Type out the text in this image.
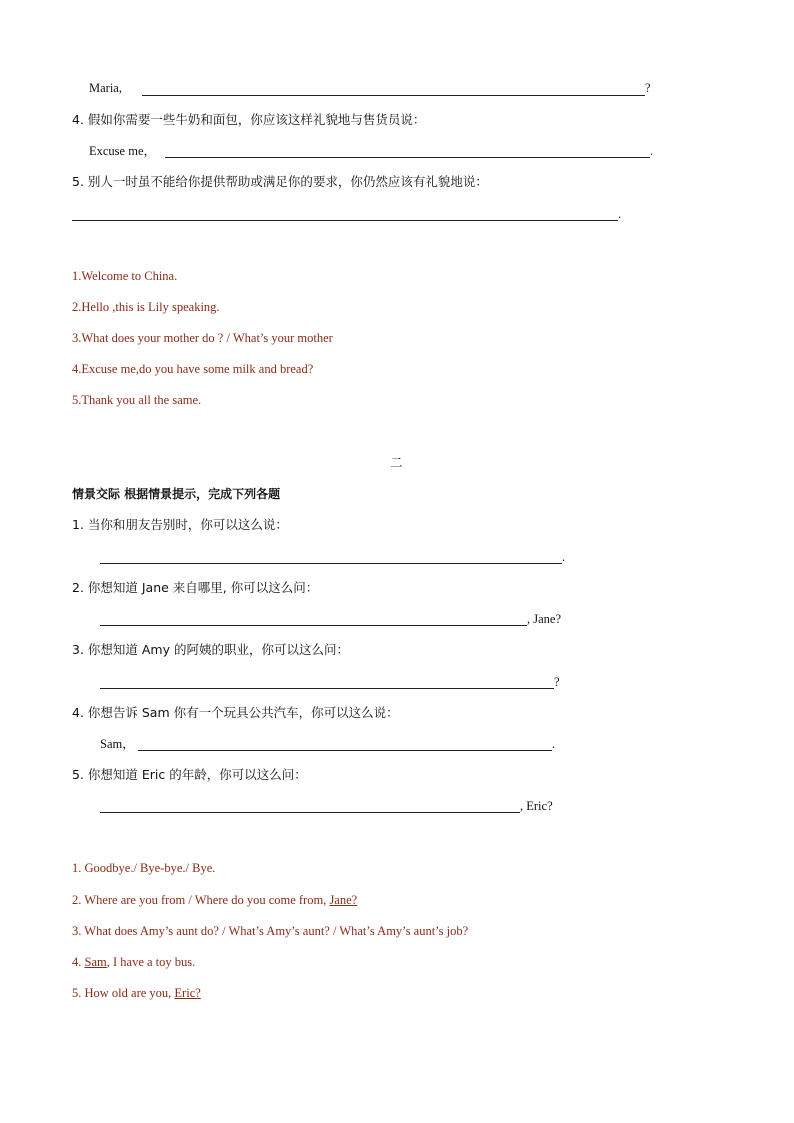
Maria,	?
4. 假如你需要一些牛奶和面包，你应该这样礼貌地与售货员说：
Excuse me，	.
5. 别人一时虽不能给你提供帮助或满足你的要求，你仍然应该有礼貌地说：
.
1.Welcome to China.
2.Hello ,this is Lily speaking.
3.What does your mother do ? / What’s your mother
4.Excuse me,do you have some milk and bread?
5.Thank you all the same.
二
情景交际 根据情景提示，完成下列各题
1. 当你和朋友告别时，你可以这么说：
.
2. 你想知道 Jane 来自哪里, 你可以这么问：
, Jane?
3. 你想知道 Amy 的阿姨的职业，你可以这么问：
?
4. 你想告诉 Sam 你有一个玩具公共汽车，你可以这么说：
Sam，	.
5. 你想知道 Eric 的年龄，你可以这么问：
, Eric?
1. Goodbye./ Bye-bye./ Bye.
2. Where are you from / Where do you come from, Jane?
3. What does Amy’s aunt do? / What’s Amy’s aunt? / What’s Amy’s aunt’s job?
4. Sam, I have a toy bus.
5. How old are you, Eric?
